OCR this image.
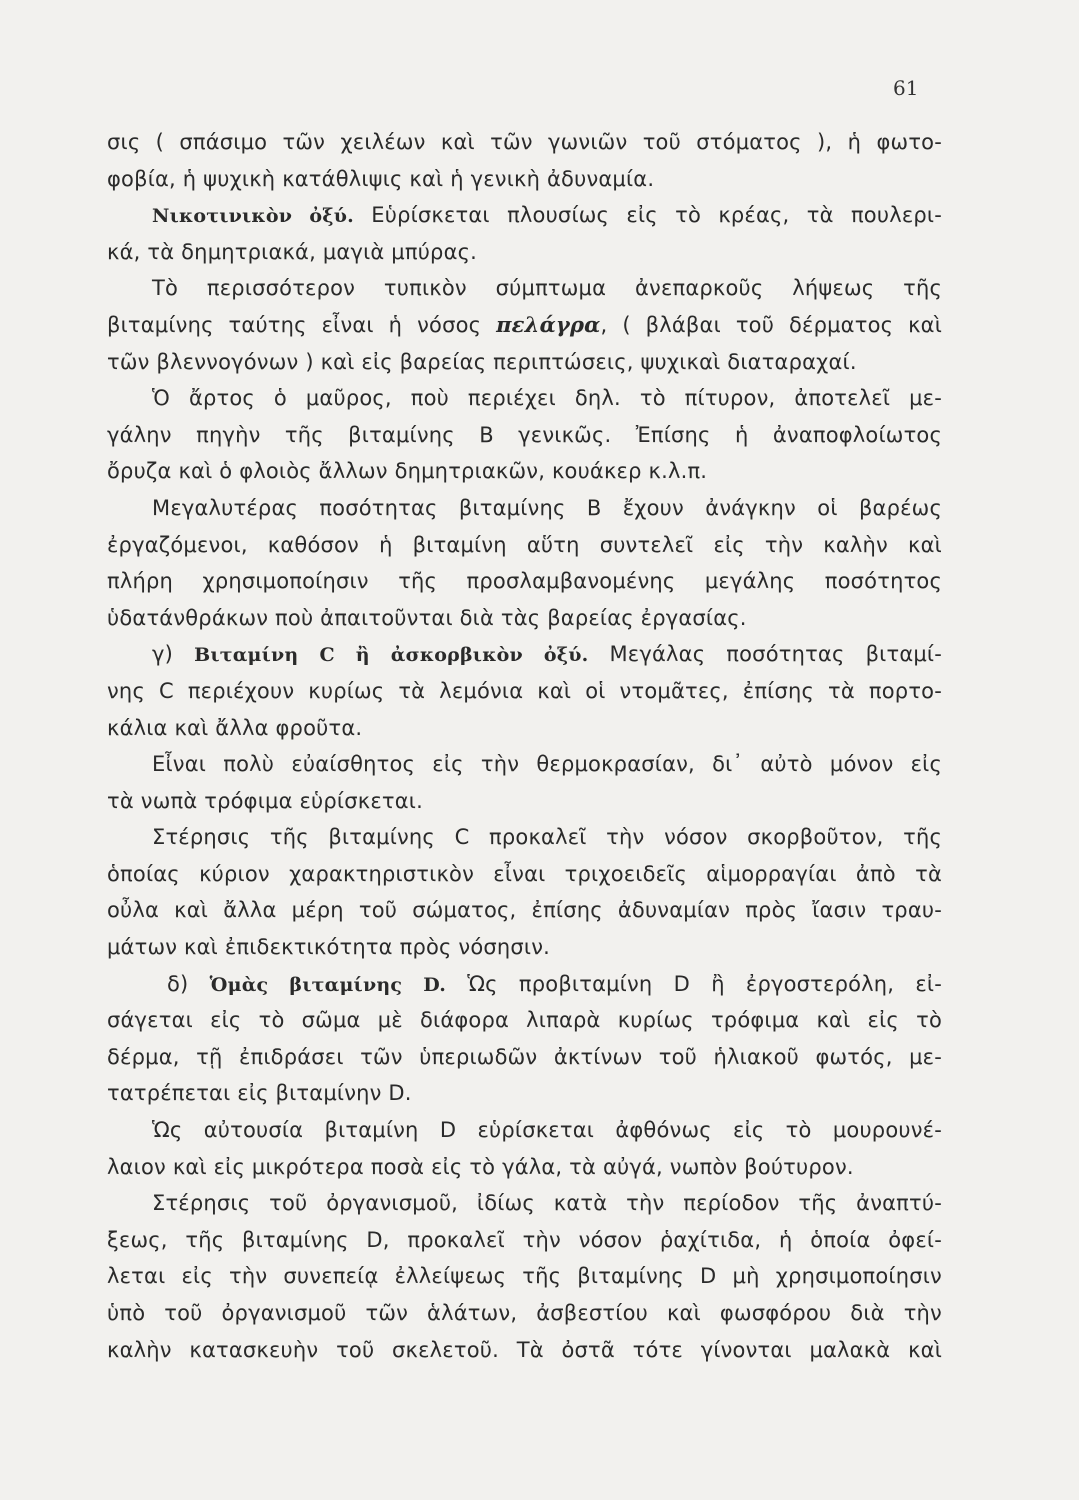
61
σις ( σπάσιμο τῶν χειλέων καὶ τῶν γωνιῶν τοῦ στόματος ), ἡ φωτο-
φοβία, ἡ ψυχικὴ κατάθλιψις καὶ ἡ γενικὴ ἀδυναμία.
Νικοτινικὸν ὀξύ. Εὑρίσκεται πλουσίως εἰς τὸ κρέας, τὰ πουλερι-
κά, τὰ δημητριακά, μαγιὰ μπύρας.
Τὸ περισσότερον τυπικὸν σύμπτωμα ἀνεπαρκοῦς λήψεως τῆς
βιταμίνης ταύτης εἶναι ἡ νόσος πελάγρα, ( βλάβαι τοῦ δέρματος καὶ
τῶν βλεννογόνων ) καὶ εἰς βαρείας περιπτώσεις, ψυχικαὶ διαταραχαί.
Ὁ ἄρτος ὁ μαῦρος, ποὺ περιέχει δηλ. τὸ πίτυρον, ἀποτελεῖ με-
γάλην πηγὴν τῆς βιταμίνης Β γενικῶς. Ἐπίσης ἡ ἀναποφλοίωτος
ὄρυζα καὶ ὁ φλοιὸς ἄλλων δημητριακῶν, κουάκερ κ.λ.π.
Μεγαλυτέρας ποσότητας βιταμίνης Β ἔχουν ἀνάγκην οἱ βαρέως
ἐργαζόμενοι, καθόσον ἡ βιταμίνη αὕτη συντελεῖ εἰς τὴν καλὴν καὶ
πλήρη χρησιμοποίησιν τῆς προσλαμβανομένης μεγάλης ποσότητος
ὑδατάνθράκων ποὺ ἀπαιτοῦνται διὰ τὰς βαρείας ἐργασίας.
γ) Βιταμίνη C ἢ ἀσκορβικὸν ὀξύ. Μεγάλας ποσότητας βιταμί-
νης C περιέχουν κυρίως τὰ λεμόνια καὶ οἱ ντομᾶτες, ἐπίσης τὰ πορτο-
κάλια καὶ ἄλλα φροῦτα.
Εἶναι πολὺ εὐαίσθητος εἰς τὴν θερμοκρασίαν, δι᾽ αὐτὸ μόνον εἰς
τὰ νωπὰ τρόφιμα εὑρίσκεται.
Στέρησις τῆς βιταμίνης C προκαλεῖ τὴν νόσον σκορβοῦτον, τῆς
ὁποίας κύριον χαρακτηριστικὸν εἶναι τριχοειδεῖς αἱμορραγίαι ἀπὸ τὰ
οὖλα καὶ ἄλλα μέρη τοῦ σώματος, ἐπίσης ἀδυναμίαν πρὸς ἴασιν τραυ-
μάτων καὶ ἐπιδεκτικότητα πρὸς νόσησιν.
δ) Ὁμὰς βιταμίνης D. Ὡς προβιταμίνη D ἢ ἐργοστερόλη, εἰ-
σάγεται εἰς τὸ σῶμα μὲ διάφορα λιπαρὰ κυρίως τρόφιμα καὶ εἰς τὸ
δέρμα, τῇ ἐπιδράσει τῶν ὑπεριωδῶν ἀκτίνων τοῦ ἡλιακοῦ φωτός, με-
τατρέπεται εἰς βιταμίνην D.
Ὡς αὐτουσία βιταμίνη D εὑρίσκεται ἀφθόνως εἰς τὸ μουρουνέ-
λαιον καὶ εἰς μικρότερα ποσὰ εἰς τὸ γάλα, τὰ αὐγά, νωπὸν βούτυρον.
Στέρησις τοῦ ὀργανισμοῦ, ἰδίως κατὰ τὴν περίοδον τῆς ἀναπτύ-
ξεως, τῆς βιταμίνης D, προκαλεῖ τὴν νόσον ῥαχίτιδα, ἡ ὁποία ὀφεί-
λεται εἰς τὴν συνεπείᾳ ἐλλείψεως τῆς βιταμίνης D μὴ χρησιμοποίησιν
ὑπὸ τοῦ ὀργανισμοῦ τῶν ἁλάτων, ἀσβεστίου καὶ φωσφόρου διὰ τὴν
καλὴν κατασκευὴν τοῦ σκελετοῦ. Τὰ ὀστᾶ τότε γίνονται μαλακὰ καὶ
